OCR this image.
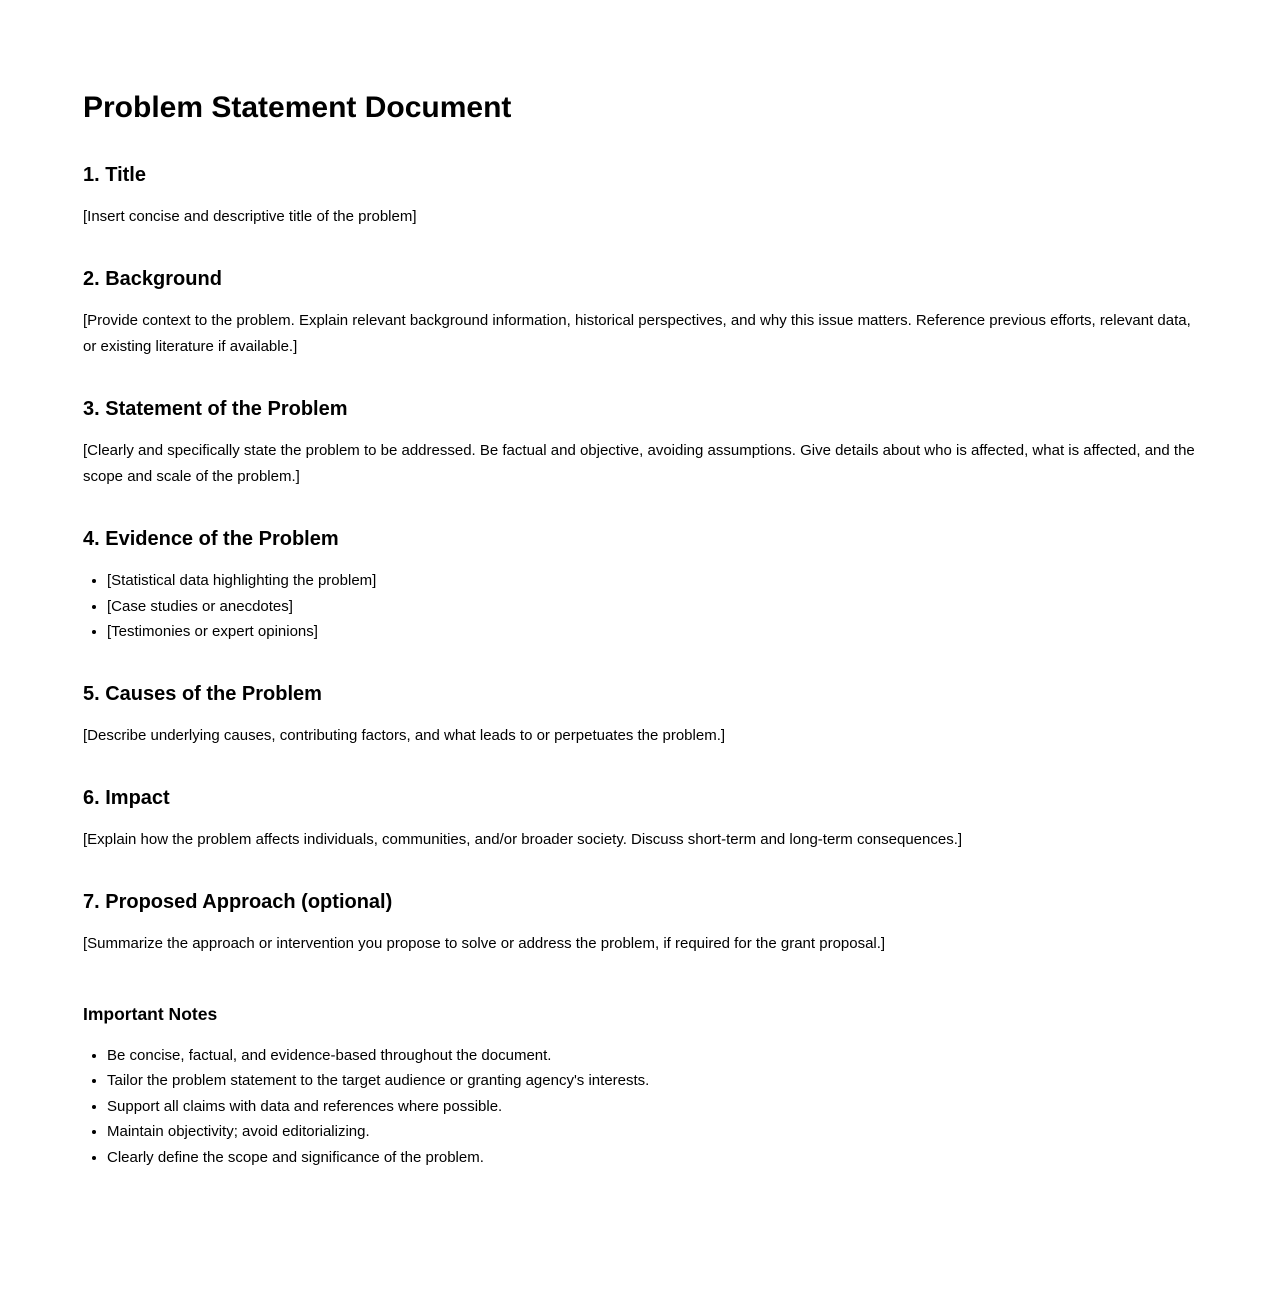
Problem Statement Document
1. Title

[Insert concise and descriptive title of the problem]

2. Background

[Provide context to the problem. Explain relevant background information, historical perspectives, and why this issue matters. Reference previous efforts, relevant data, or existing literature if available.]

3. Statement of the Problem

[Clearly and specifically state the problem to be addressed. Be factual and objective, avoiding assumptions. Give details about who is affected, what is affected, and the scope and scale of the problem.]

4. Evidence of the Problem
• [Statistical data highlighting the problem]
• [Case studies or anecdotes]
• [Testimonies or expert opinions]
5. Causes of the Problem

[Describe underlying causes, contributing factors, and what leads to or perpetuates the problem.]

6. Impact

[Explain how the problem affects individuals, communities, and/or broader society. Discuss short-term and long-term consequences.]

7. Proposed Approach (optional)

[Summarize the approach or intervention you propose to solve or address the problem, if required for the grant proposal.]

Important Notes
• Be concise, factual, and evidence-based throughout the document.
• Tailor the problem statement to the target audience or granting agency's interests.
• Support all claims with data and references where possible.
• Maintain objectivity; avoid editorializing.
• Clearly define the scope and significance of the problem.
